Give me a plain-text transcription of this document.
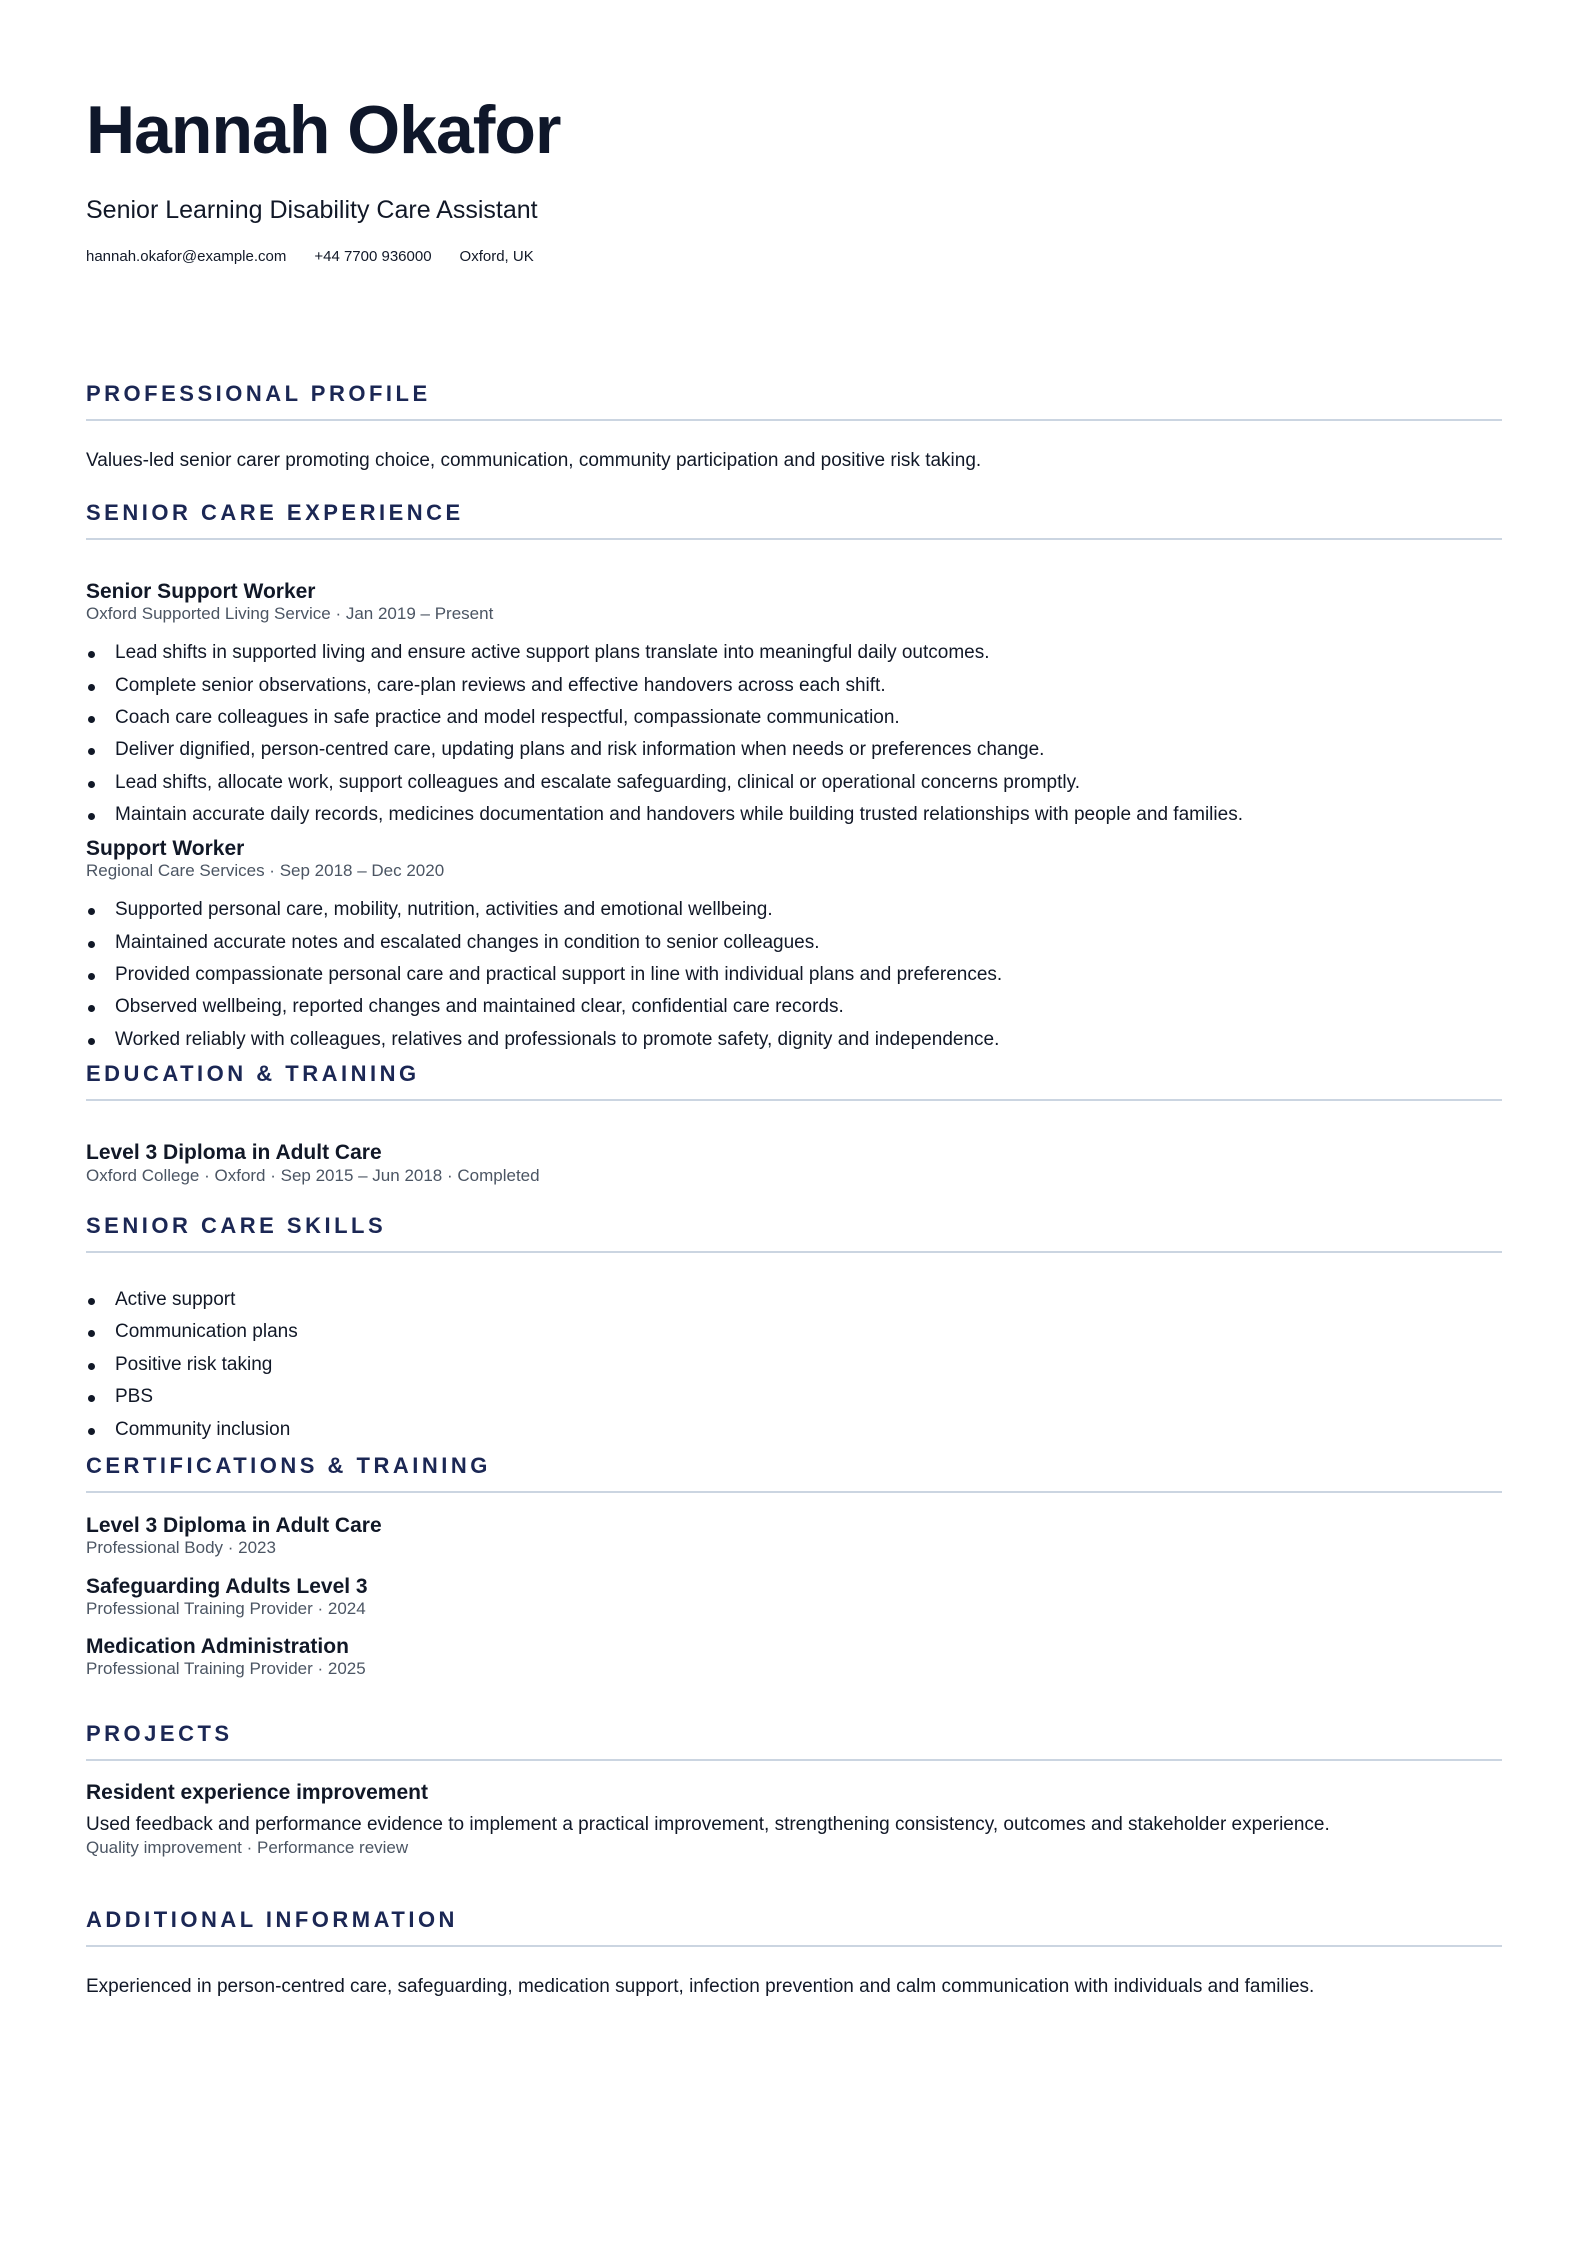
Hannah Okafor
Senior Learning Disability Care Assistant
hannah.okafor@example.com +44 7700 936000 Oxford, UK
PROFESSIONAL PROFILE

Values-led senior carer promoting choice, communication, community participation and positive risk taking.

SENIOR CARE EXPERIENCE
Senior Support Worker
Oxford Supported Living Service · Jan 2019 – Present
Lead shifts in supported living and ensure active support plans translate into meaningful daily outcomes.
Complete senior observations, care-plan reviews and effective handovers across each shift.
Coach care colleagues in safe practice and model respectful, compassionate communication.
Deliver dignified, person-centred care, updating plans and risk information when needs or preferences change.
Lead shifts, allocate work, support colleagues and escalate safeguarding, clinical or operational concerns promptly.
Maintain accurate daily records, medicines documentation and handovers while building trusted relationships with people and families.
Support Worker
Regional Care Services · Sep 2018 – Dec 2020
Supported personal care, mobility, nutrition, activities and emotional wellbeing.
Maintained accurate notes and escalated changes in condition to senior colleagues.
Provided compassionate personal care and practical support in line with individual plans and preferences.
Observed wellbeing, reported changes and maintained clear, confidential care records.
Worked reliably with colleagues, relatives and professionals to promote safety, dignity and independence.
EDUCATION & TRAINING
Level 3 Diploma in Adult Care
Oxford College · Oxford · Sep 2015 – Jun 2018 · Completed
SENIOR CARE SKILLS
Active support
Communication plans
Positive risk taking
PBS
Community inclusion
CERTIFICATIONS & TRAINING
Level 3 Diploma in Adult Care
Professional Body · 2023
Safeguarding Adults Level 3
Professional Training Provider · 2024
Medication Administration
Professional Training Provider · 2025
PROJECTS
Resident experience improvement
Used feedback and performance evidence to implement a practical improvement, strengthening consistency, outcomes and stakeholder experience.
Quality improvement · Performance review
ADDITIONAL INFORMATION

Experienced in person-centred care, safeguarding, medication support, infection prevention and calm communication with individuals and families.
